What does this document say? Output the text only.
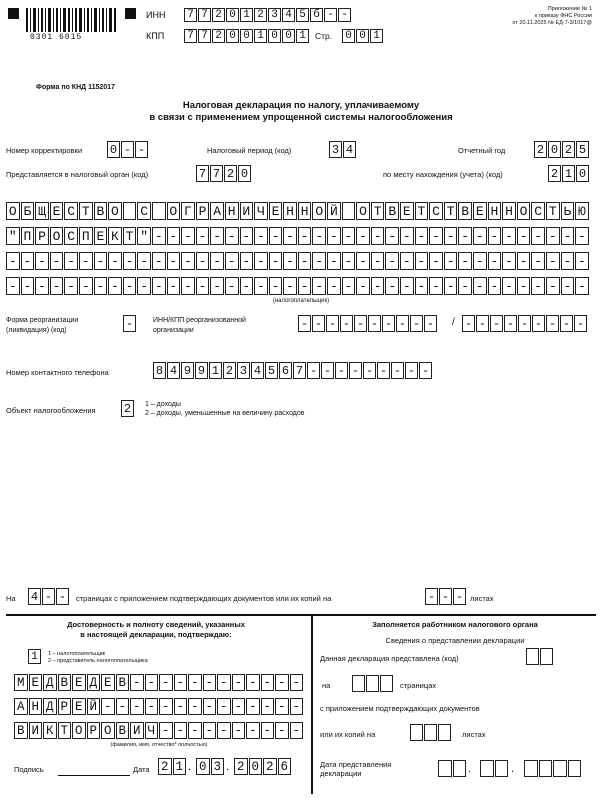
0301 6015
ИНН 7 7 2 0 1 2 3 4 5 б - -
КПП 7 7 2 0 0 1 0 0 1	Стр. 0 0 1
Приложение № 1
к приказу ФНС России
от 20.11.2025 № ЕД-7-3/1017@
Форма по КНД 1152017
Налоговая декларация по налогу, уплачиваемому
в связи с применением упрощенной системы налогообложения
Номер корректировки 0 - -	Налоговый период (код)	3 4	Отчетный год	2 0 2 5
Представляется в налоговый орган (код)	7 7 2 0	по месту нахождения (учета) (код)	2 1 0
О Б Щ Е С Т В О С О Г Р А Н И Ч Е Н Н О Й О Т В Е Т С Т В Е Н Н О С Т Ь Ю
" П Р О С П Е К Т " - - - - - - - - - - - - - - - - - - - - - - - - - - - - - -
- - - - - - - - - - - - - - - - - - - - - - - - - - - - - - - - - - - - - - - -
- - - - - - - - - - - - - - - - - - - - - - - - - - - - - - - - - - - - - - - -
(налогоплательщик)
Форма реорганизации
(ликвидация) (код)	-	ИНН/КПП реорганизованной
организации	- - - - - - - - - - / - - - - - - - - -
Номер контактного телефона	8 4 9 9 1 2 3 4 5 6 7 - - - - - - - - -
Объект налогообложения 2	1 – доходы
2 – доходы, уменьшенные на величину расходов
На 4 - -	страницах с приложением подтверждающих документов или их копий на	- - - листах
Достоверность и полноту сведений, указанных
в настоящей декларации, подтверждаю:
1	1 – налогоплательщик
2 – представитель налогоплательщика
М Е Д В Е Д Е В - - - - - - - - - - - -
А Н Д Р Е Й - - - - - - - - - - - - - -
В И К Т О Р О В И Ч - - - - - - - - - -
(фамилия, имя, отчество* полностью)
Подпись	Дата 2 1 . 0 3 . 2 0 2 6
Заполняется работником налогового органа
Сведения о представлении декларации
Данная декларация представлена (код)
на	страницах
с приложением подтверждающих документов
или их копий на	листах
Дата представления
декларации	.	.
